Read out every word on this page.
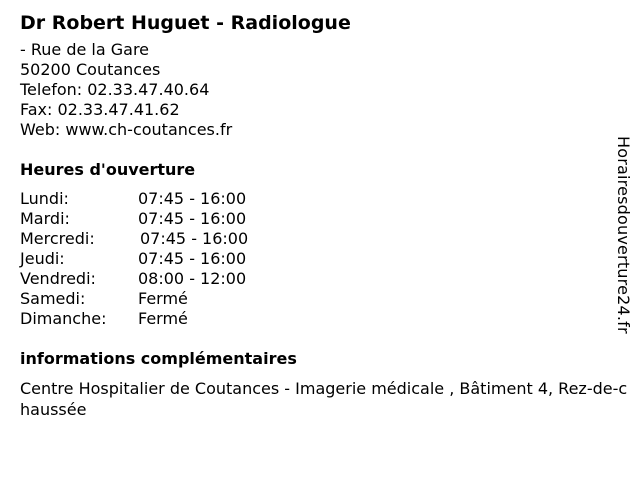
Dr Robert Huguet - Radiologue
- Rue de la Gare
50200 Coutances
Telefon: 02.33.47.40.64
Fax: 02.33.47.41.62
Web: www.ch-coutances.fr
Heures d'ouverture
Lundi:	07:45 - 16:00
Mardi:	07:45 - 16:00
Mercredi:	07:45 - 16:00
Jeudi:	07:45 - 16:00
Vendredi:	08:00 - 12:00
Samedi:	Fermé
Dimanche: Fermé
informations complémentaires
Centre Hospitalier de Coutances - Imagerie médicale , Bâtiment 4, Rez-de-chaussée
Horairesdouverture24.fr
